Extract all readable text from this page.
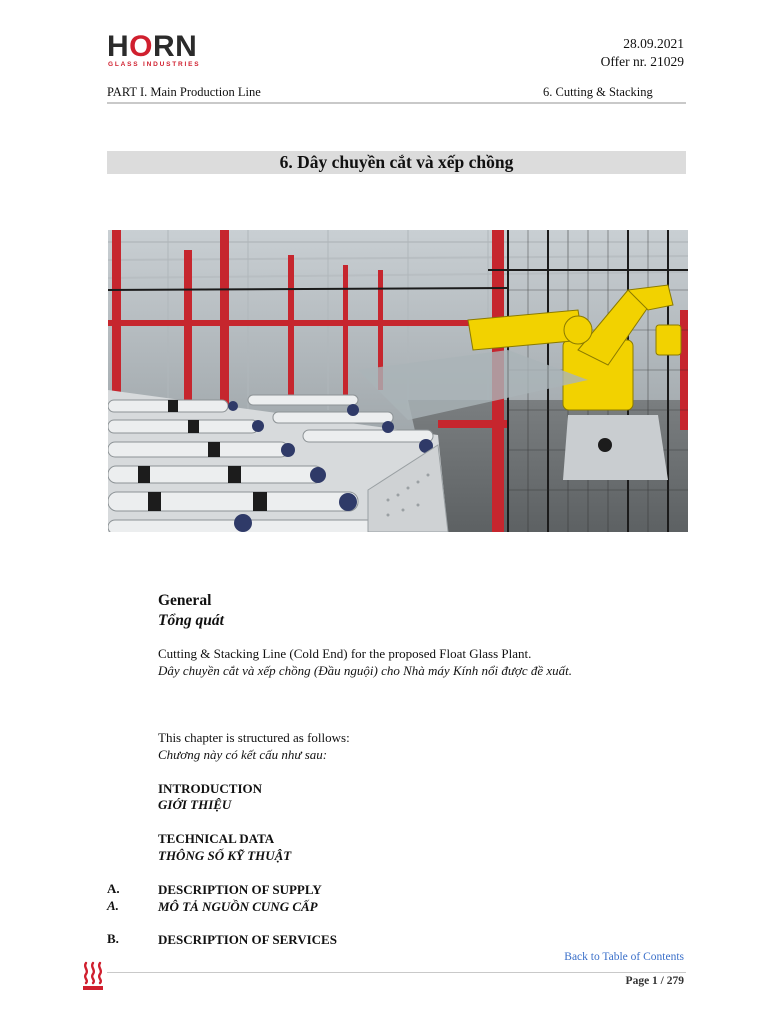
HORN
GLASS INDUSTRIES
28.09.2021
Offer nr. 21029
PART I. Main Production Line	6. Cutting & Stacking
6. Dây chuyền cắt và xếp chồng
General
Tổng quát
Cutting & Stacking Line (Cold End) for the proposed Float Glass Plant.
Dây chuyền cắt và xếp chồng (Đầu nguội) cho Nhà máy Kính nổi được đề xuất.
This chapter is structured as follows:
Chương này có kết cấu như sau:
INTRODUCTION
GIỚI THIỆU
TECHNICAL DATA
THÔNG SỐ KỸ THUẬT
A.	DESCRIPTION OF SUPPLY
A.	MÔ TẢ NGUỒN CUNG CẤP
B.	DESCRIPTION OF SERVICES
Back to Table of Contents
Page 1 / 279
